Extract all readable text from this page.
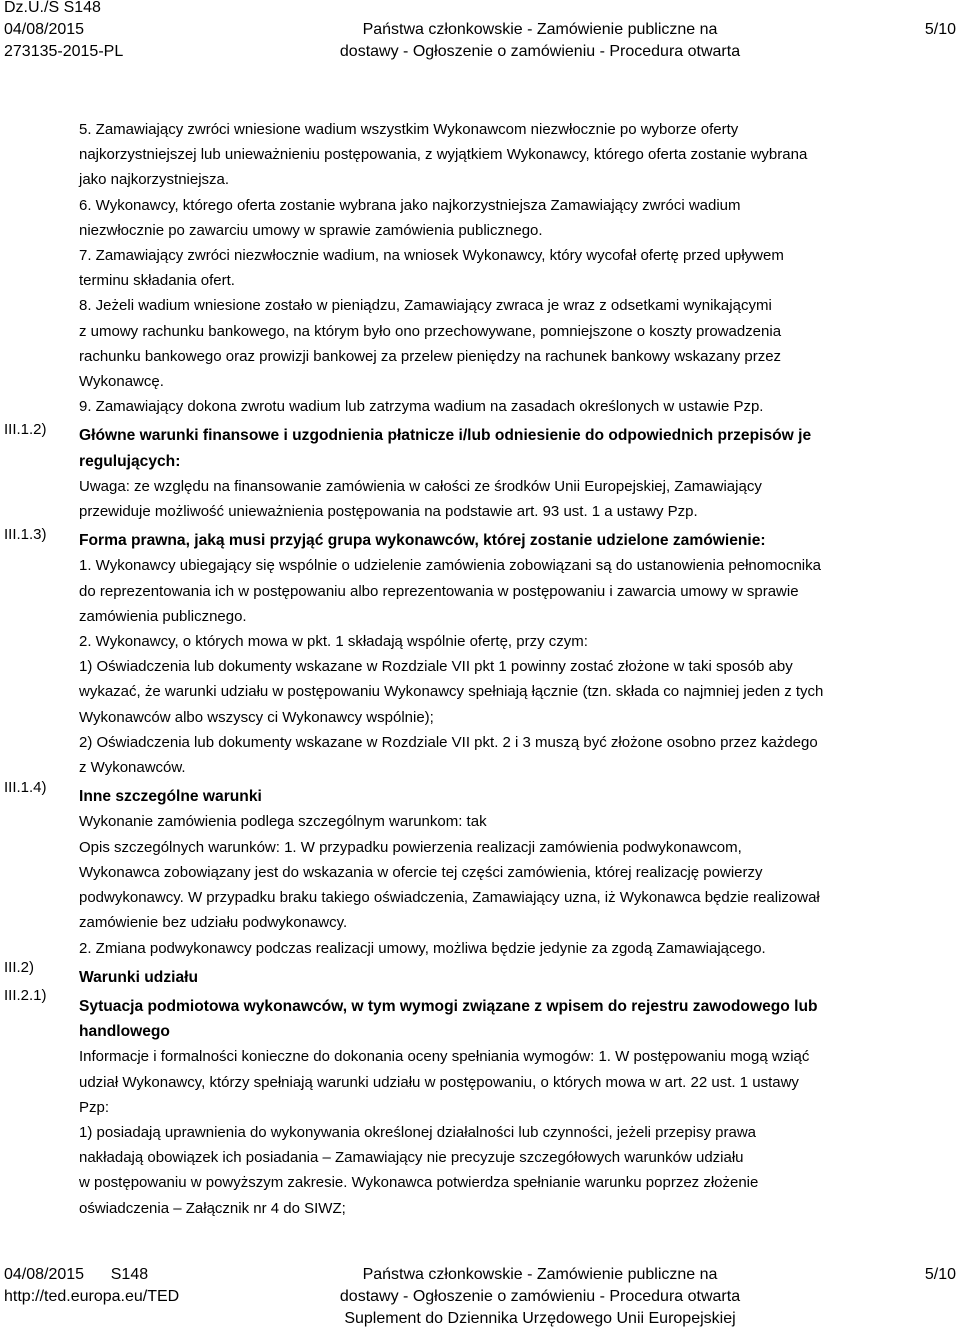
Dz.U./S S148
04/08/2015
273135-2015-PL
Państwa członkowskie - Zamówienie publiczne na
dostawy - Ogłoszenie o zamówieniu - Procedura otwarta
5/10
III.1.2)
III.1.3)
III.1.4)
III.2)
III.2.1)

5. Zamawiający zwróci wniesione wadium wszystkim Wykonawcom niezwłocznie po wyborze oferty

najkorzystniejszej lub unieważnieniu postępowania, z wyjątkiem Wykonawcy, którego oferta zostanie wybrana

jako najkorzystniejsza.

6. Wykonawcy, którego oferta zostanie wybrana jako najkorzystniejsza Zamawiający zwróci wadium

niezwłocznie po zawarciu umowy w sprawie zamówienia publicznego.

7. Zamawiający zwróci niezwłocznie wadium, na wniosek Wykonawcy, który wycofał ofertę przed upływem

terminu składania ofert.

8. Jeżeli wadium wniesione zostało w pieniądzu, Zamawiający zwraca je wraz z odsetkami wynikającymi

z umowy rachunku bankowego, na którym było ono przechowywane, pomniejszone o koszty prowadzenia

rachunku bankowego oraz prowizji bankowej za przelew pieniędzy na rachunek bankowy wskazany przez

Wykonawcę.

9. Zamawiający dokona zwrotu wadium lub zatrzyma wadium na zasadach określonych w ustawie Pzp.

Główne warunki finansowe i uzgodnienia płatnicze i/lub odniesienie do odpowiednich przepisów je

regulujących:

Uwaga: ze względu na finansowanie zamówienia w całości ze środków Unii Europejskiej, Zamawiający

przewiduje możliwość unieważnienia postępowania na podstawie art. 93 ust. 1 a ustawy Pzp.

Forma prawna, jaką musi przyjąć grupa wykonawców, której zostanie udzielone zamówienie:

1. Wykonawcy ubiegający się wspólnie o udzielenie zamówienia zobowiązani są do ustanowienia pełnomocnika

do reprezentowania ich w postępowaniu albo reprezentowania w postępowaniu i zawarcia umowy w sprawie

zamówienia publicznego.

2. Wykonawcy, o których mowa w pkt. 1 składają wspólnie ofertę, przy czym:

1) Oświadczenia lub dokumenty wskazane w Rozdziale VII pkt 1 powinny zostać złożone w taki sposób aby

wykazać, że warunki udziału w postępowaniu Wykonawcy spełniają łącznie (tzn. składa co najmniej jeden z tych

Wykonawców albo wszyscy ci Wykonawcy wspólnie);

2) Oświadczenia lub dokumenty wskazane w Rozdziale VII pkt. 2 i 3 muszą być złożone osobno przez każdego

z Wykonawców.

Inne szczególne warunki

Wykonanie zamówienia podlega szczególnym warunkom: tak

Opis szczególnych warunków: 1. W przypadku powierzenia realizacji zamówienia podwykonawcom,

Wykonawca zobowiązany jest do wskazania w ofercie tej części zamówienia, której realizację powierzy

podwykonawcy. W przypadku braku takiego oświadczenia, Zamawiający uzna, iż Wykonawca będzie realizował

zamówienie bez udziału podwykonawcy.

2. Zmiana podwykonawcy podczas realizacji umowy, możliwa będzie jedynie za zgodą Zamawiającego.

Warunki udziału

Sytuacja podmiotowa wykonawców, w tym wymogi związane z wpisem do rejestru zawodowego lub

handlowego

Informacje i formalności konieczne do dokonania oceny spełniania wymogów: 1. W postępowaniu mogą wziąć

udział Wykonawcy, którzy spełniają warunki udziału w postępowaniu, o których mowa w art. 22 ust. 1 ustawy

Pzp:

1) posiadają uprawnienia do wykonywania określonej działalności lub czynności, jeżeli przepisy prawa

nakładają obowiązek ich posiadania – Zamawiający nie precyzuje szczegółowych warunków udziału

w postępowaniu w powyższym zakresie. Wykonawca potwierdza spełnianie warunku poprzez złożenie

oświadczenia – Załącznik nr 4 do SIWZ;

04/08/2015      S148
http://ted.europa.eu/TED
Państwa członkowskie - Zamówienie publiczne na
dostawy - Ogłoszenie o zamówieniu - Procedura otwarta
Suplement do Dziennika Urzędowego Unii Europejskiej
5/10
